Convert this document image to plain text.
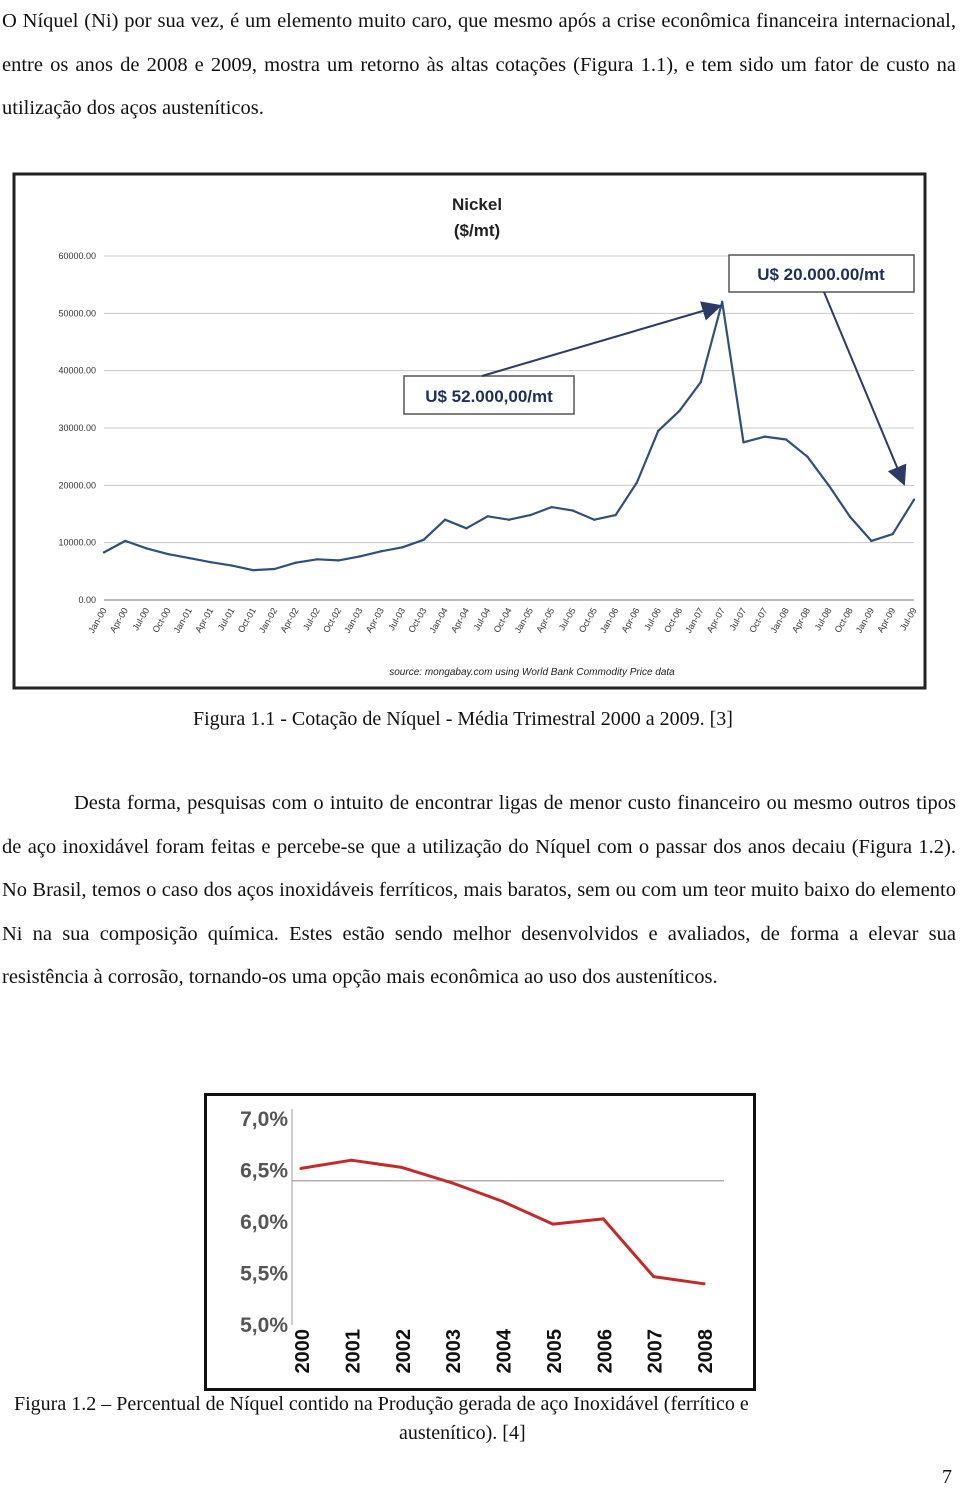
O Níquel (Ni) por sua vez, é um elemento muito caro, que mesmo após a crise econômica financeira internacional, entre os anos de 2008 e 2009, mostra um retorno às altas cotações (Figura 1.1), e tem sido um fator de custo na utilização dos aços austeníticos.

Nickel
($/mt)
0.00
10000.00
20000.00
30000.00
40000.00
50000.00
60000.00
Jan-00 Apr-00 Jul-00 Oct-00
Jan-01 Apr-01 Jul-01 Oct-01
Jan-02 Apr-02 Jul-02 Oct-02
Jan-03 Apr-03 Jul-03 Oct-03
Jan-04 Apr-04 Jul-04 Oct-04
Jan-05 Apr-05 Jul-05 Oct-05
Jan-06 Apr-06 Jul-06 Oct-06
Jan-07 Apr-07 Jul-07 Oct-07
Jan-08 Apr-08 Jul-08 Oct-08
Jan-09 Apr-09 Jul-09
U$ 20.000.00/mt
U$ 52.000,00/mt
source: mongabay.com using World Bank Commodity Price data

Figura 1.1 - Cotação de Níquel - Média Trimestral 2000 a 2009. [3]

Desta forma, pesquisas com o intuito de encontrar ligas de menor custo financeiro ou mesmo outros tipos de aço inoxidável foram feitas e percebe-se que a utilização do Níquel com o passar dos anos decaiu (Figura 1.2). No Brasil, temos o caso dos aços inoxidáveis ferríticos, mais baratos, sem ou com um teor muito baixo do elemento Ni na sua composição química. Estes estão sendo melhor desenvolvidos e avaliados, de forma a elevar sua resistência à corrosão, tornando-os uma opção mais econômica ao uso dos austeníticos.

7,0%
6,5%
6,0%
5,5%
5,0%
2000 2001 2002 2003 2004 2005 2006 2007 2008

Figura 1.2 – Percentual de Níquel contido na Produção gerada de aço Inoxidável (ferrítico e

austenítico). [4]

7
